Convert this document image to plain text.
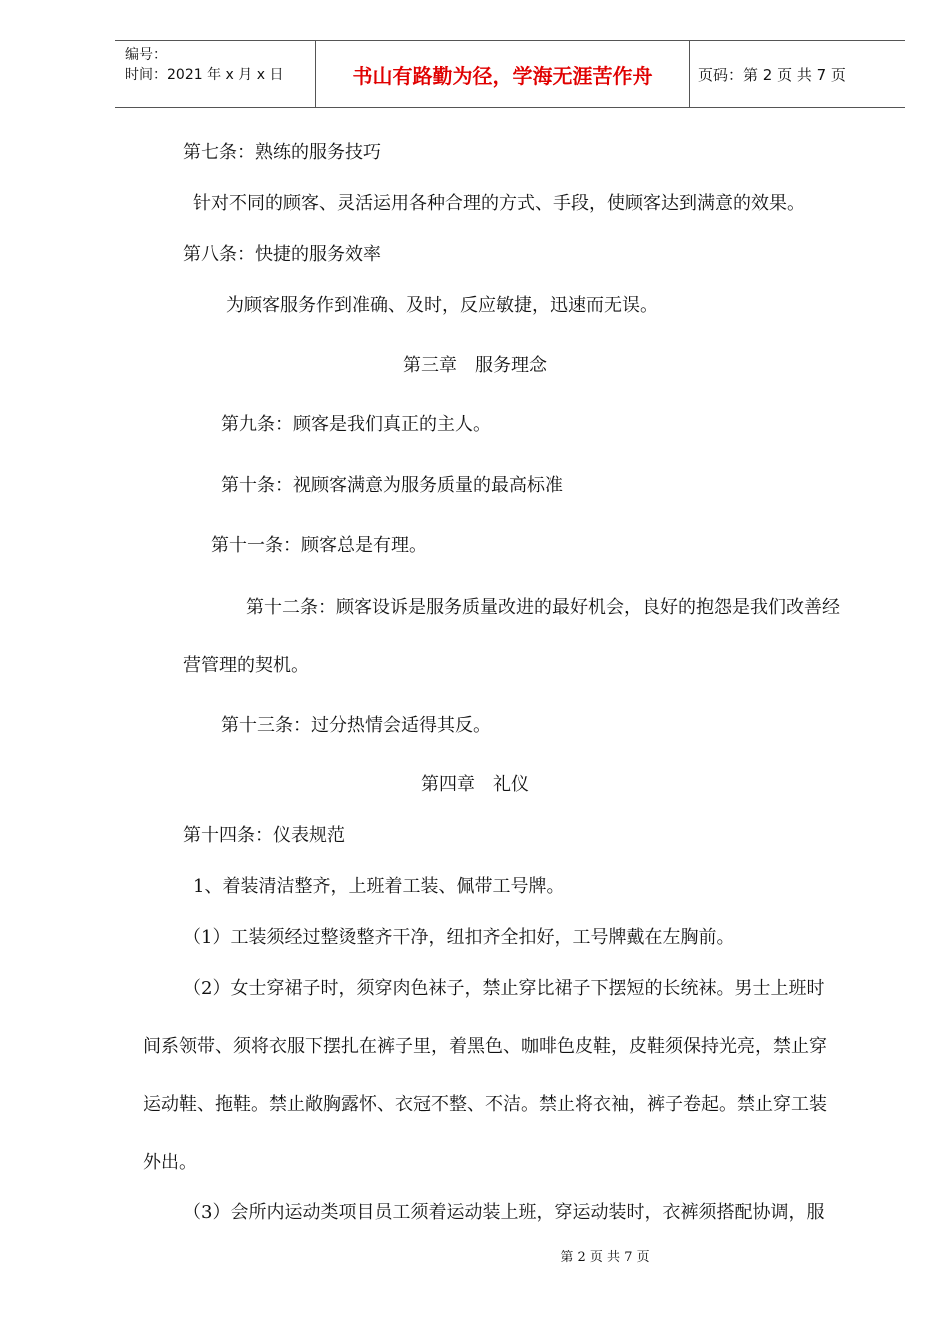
编号：
时间：2021 年 x 月 x 日	书山有路勤为径，学海无涯苦作舟	页码：第 2 页 共 7 页
第七条：熟练的服务技巧
针对不同的顾客、灵活运用各种合理的方式、手段，使顾客达到满意的效果。
第八条：快捷的服务效率
为顾客服务作到准确、及时，反应敏捷，迅速而无误。
第三章　服务理念
第九条：顾客是我们真正的主人。
第十条：视顾客满意为服务质量的最高标准
第十一条：顾客总是有理。
第十二条：顾客设诉是服务质量改进的最好机会，良好的抱怨是我们改善经
营管理的契机。
第十三条：过分热情会适得其反。
第四章　礼仪
第十四条：仪表规范
1、着装清洁整齐，上班着工装、佩带工号牌。
（1）工装须经过整烫整齐干净，纽扣齐全扣好，工号牌戴在左胸前。
（2）女士穿裙子时，须穿肉色袜子，禁止穿比裙子下摆短的长统袜。男士上班时
间系领带、须将衣服下摆扎在裤子里，着黑色、咖啡色皮鞋，皮鞋须保持光亮，禁止穿
运动鞋、拖鞋。禁止敞胸露怀、衣冠不整、不洁。禁止将衣袖，裤子卷起。禁止穿工装
外出。
（3）会所内运动类项目员工须着运动装上班，穿运动装时，衣裤须搭配协调，服
第 2 页 共 7 页
